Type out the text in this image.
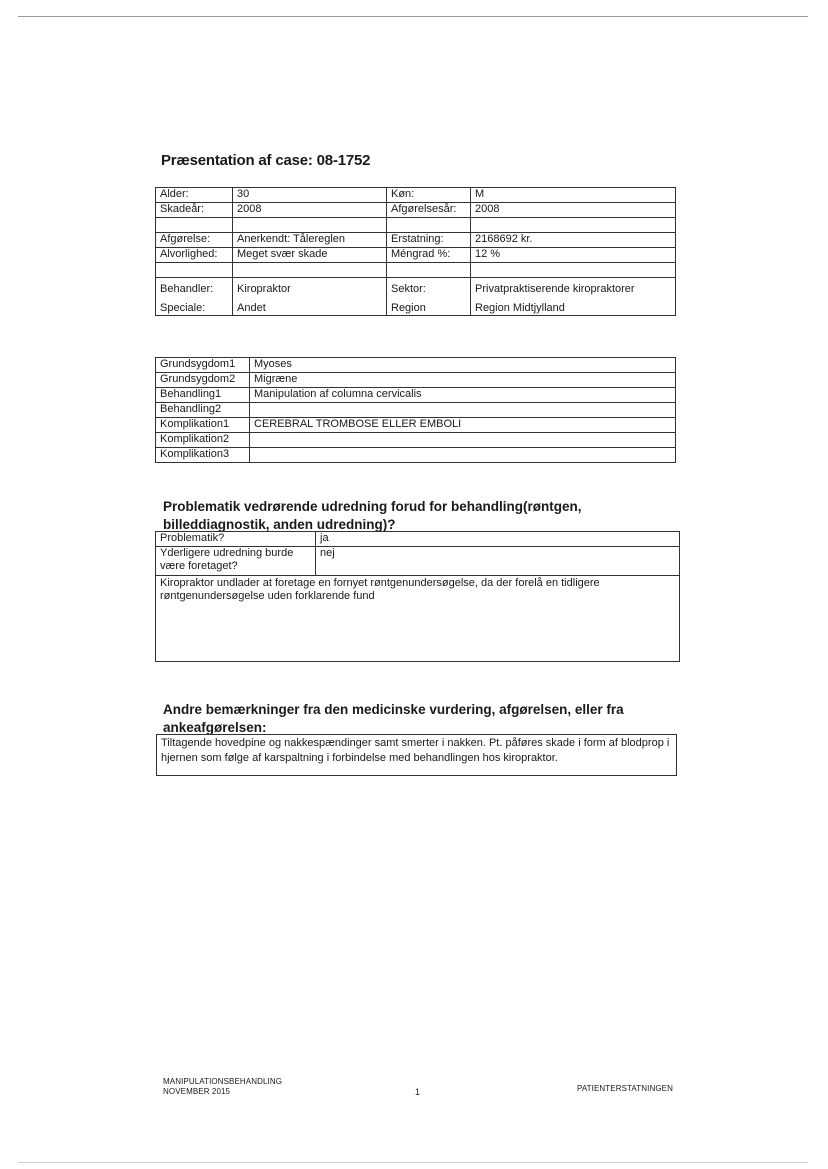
Præsentation af case: 08-1752
Alder:	30	Køn:	M
Skadeår:	2008	Afgørelsesår:	2008

Afgørelse:	Anerkendt: Tålereglen	Erstatning:	2168692 kr.
Alvorlighed:	Meget svær skade	Méngrad %:	12 %

Behandler:	Kiropraktor	Sektor:	Privatpraktiserende kiropraktorer
Speciale:	Andet	Region	Region Midtjylland
Grundsygdom1	Myoses
Grundsygdom2	Migræne
Behandling1	Manipulation af columna cervicalis
Behandling2	
Komplikation1	CEREBRAL TROMBOSE ELLER EMBOLI
Komplikation2	
Komplikation3	
Problematik vedrørende udredning forud for behandling(røntgen, billeddiagnostik, anden udredning)?
Problematik?	ja
Yderligere udredning burde være foretaget?	nej
Kiropraktor undlader at foretage en fornyet røntgenundersøgelse, da der forelå en tidligere røntgenundersøgelse uden forklarende fund	
Andre bemærkninger fra den medicinske vurdering, afgørelsen, eller fra ankeafgørelsen:
Tiltagende hovedpine og nakkespændinger samt smerter i nakken. Pt. påføres skade i form af blodprop i hjernen som følge af karspaltning i forbindelse med behandlingen hos kiropraktor.
MANIPULATIONSBEHANDLING
NOVEMBER 2015	1	PATIENTERSTATNINGEN
